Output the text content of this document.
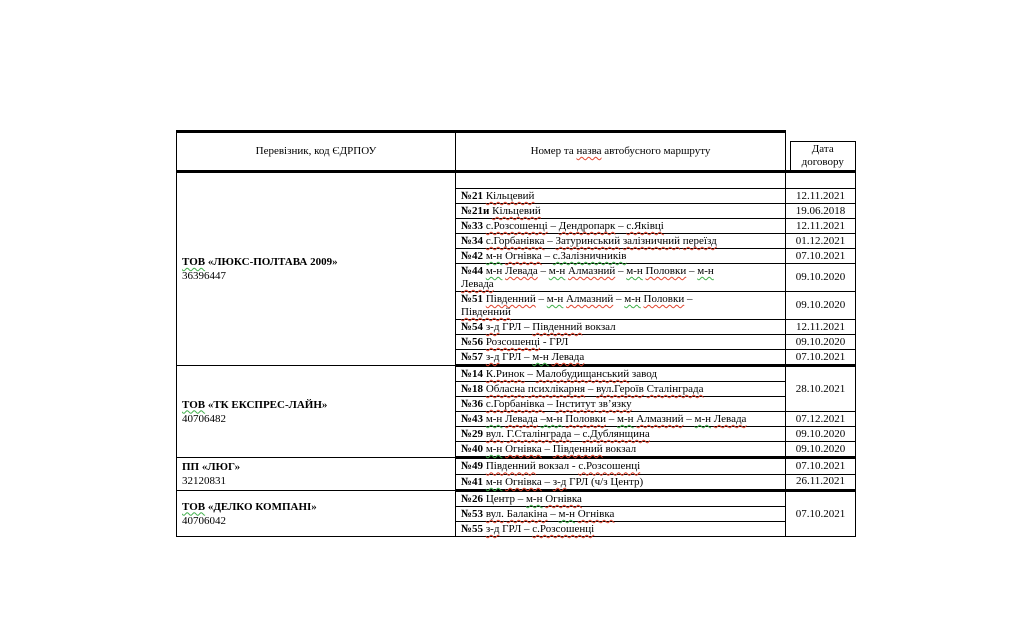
Перевізник, код ЄДРПОУ	Номер та назва автобусного маршруту	Дата
договору

ТОВ «ЛЮКС-ПОЛТАВА 2009»
36396447		

	№21 Кільцевий	12.11.2021
	№21и Кільцевий	19.06.2018
	№33 с.Розсошенці – Дендропарк – с.Яківці	12.11.2021
	№34 с.Горбанівка – Затуринський залізничний переїзд	01.12.2021
	№42 м-н Огнівка – с.Залізничників	07.10.2021
	№44 м-н Левада – м-н Алмазний – м-н Половки – м-н
Левада	09.10.2020
	№51 Південний – м-н Алмазний – м-н Половки –
Південний	09.10.2020
	№54 з-д ГРЛ – Південний вокзал	12.11.2021
	№56 Розсошенці - ГРЛ	09.10.2020
	№57 з-д ГРЛ – м-н Левада	07.10.2021

ТОВ «ТК ЕКСПРЕС-ЛАЙН»
40706482	№14 К.Ринок – Малобудищанський завод	28.10.2021
	№18 Обласна психлікарня – вул.Героїв Сталінграда	
	№36 с.Горбанівка – Інститут зв’язку	
	№43 м-н Левада –м-н Половки – м-н Алмазний – м-н Левада	07.12.2021
	№29 вул. Г.Сталінграда – с.Дублянщина	09.10.2020
	№40 м-н Огнівка – Південний вокзал	09.10.2020

ПП «ЛЮГ»
32120831	№49 Південний вокзал - с.Розсошенці	07.10.2021
	№41 м-н Огнівка – з-д ГРЛ (ч/з Центр)	26.11.2021

ТОВ «ДЕЛКО КОМПАНІ»
40706042	№26 Центр – м-н Огнівка	07.10.2021
	№53 вул. Балакіна – м-н Огнівка	
	№55 з-д ГРЛ – с.Розсошенці	
